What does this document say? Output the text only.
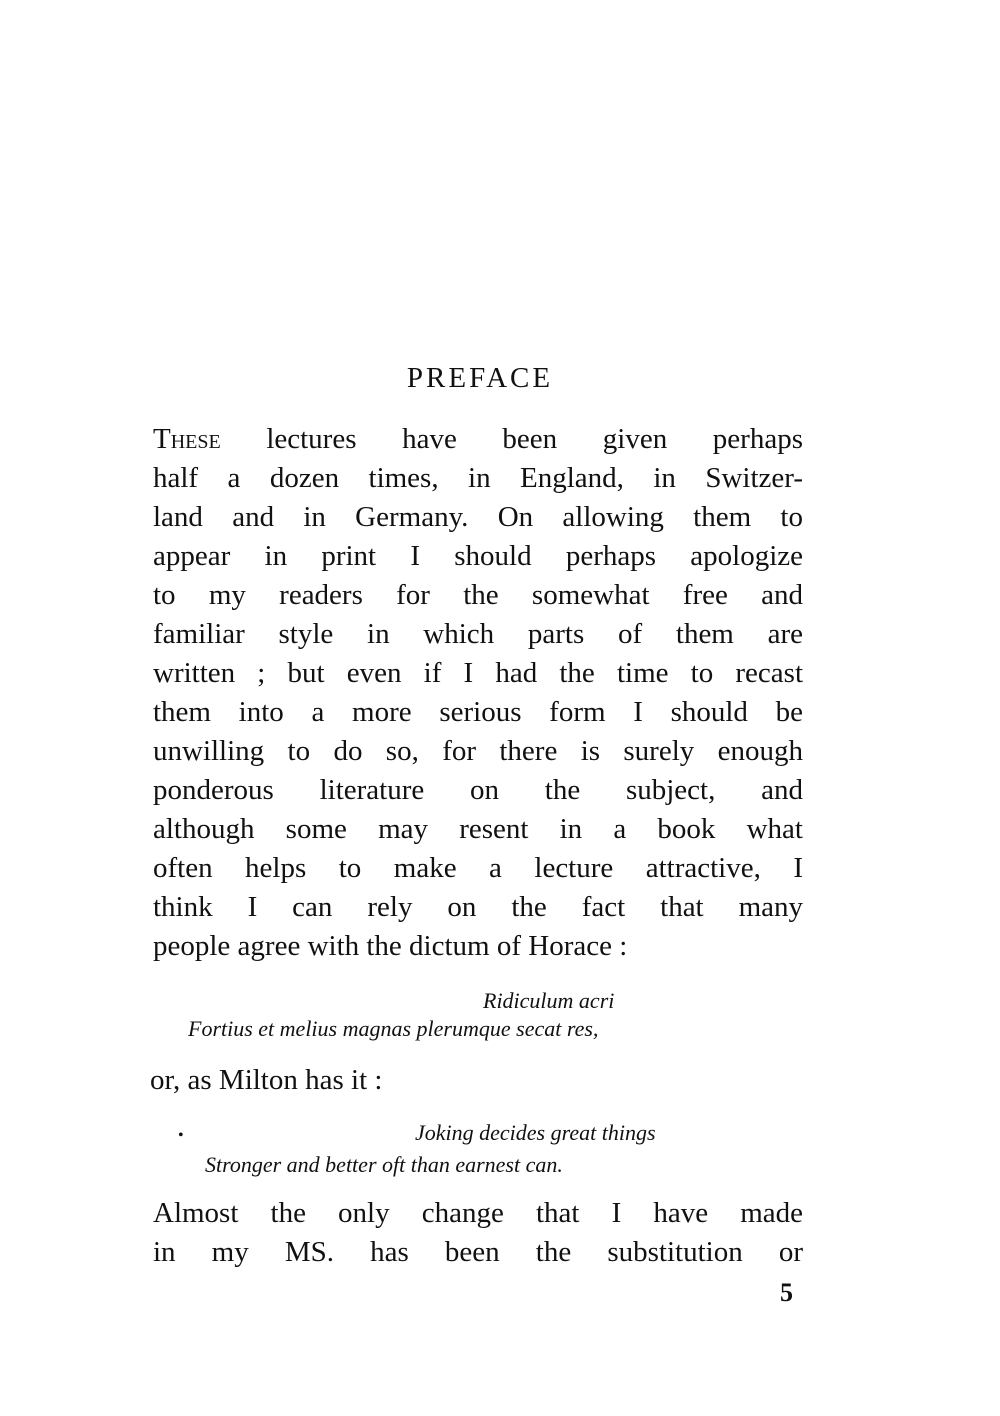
PREFACE
These lectures have been given perhaps
half a dozen times, in England, in Switzer-
land and in Germany. On allowing them to
appear in print I should perhaps apologize
to my readers for the somewhat free and
familiar style in which parts of them are
written ; but even if I had the time to recast
them into a more serious form I should be
unwilling to do so, for there is surely enough
ponderous literature on the subject, and
although some may resent in a book what
often helps to make a lecture attractive, I
think I can rely on the fact that many
people agree with the dictum of Horace :
Ridiculum acri
Fortius et melius magnas plerumque secat res,
or, as Milton has it :
•	Joking decides great things
Stronger and better oft than earnest can.
Almost the only change that I have made
in my MS. has been the substitution or
5
